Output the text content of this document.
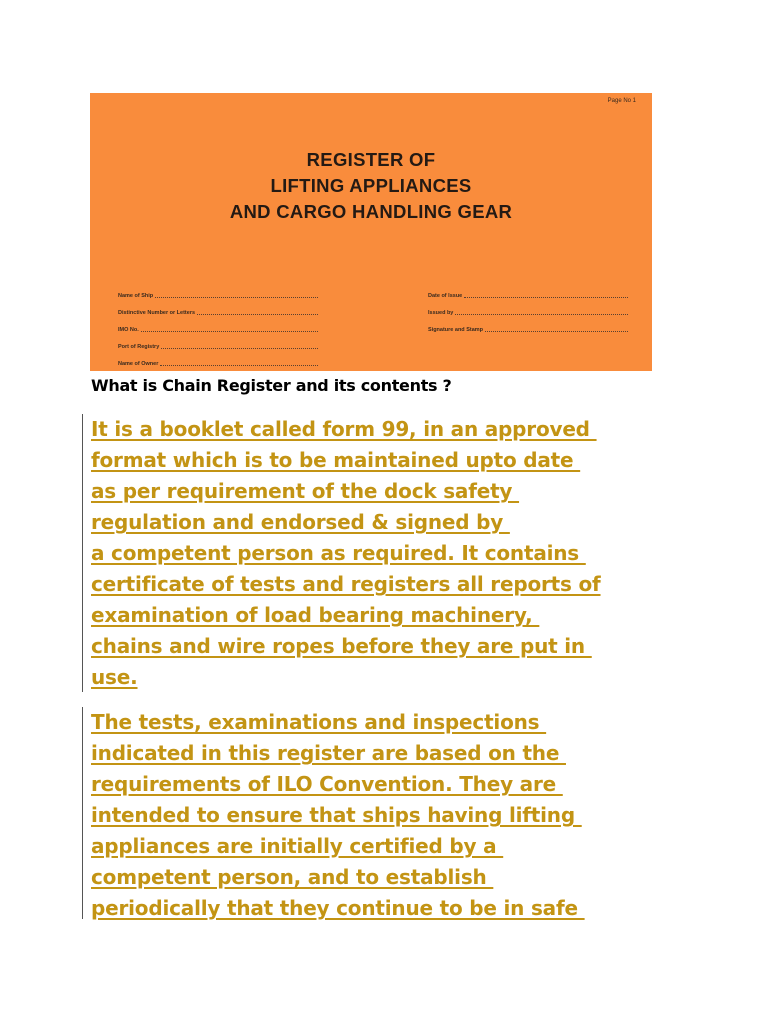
Page No 1
REGISTER OF
LIFTING APPLIANCES
AND CARGO HANDLING GEAR
Name of Ship
Distinctive Number or Letters
IMO No.
Port of Registry
Name of Owner
Date of Issue
Issued by
Signature and Stamp
What is Chain Register and its contents ?
It is a booklet called form 99, in an approved
format which is to be maintained upto date
as per requirement of the dock safety
regulation and endorsed & signed by
a competent person as required. It contains
certificate of tests and registers all reports of
examination of load bearing machinery,
chains and wire ropes before they are put in
use.
The tests, examinations and inspections
indicated in this register are based on the
requirements of ILO Convention. They are
intended to ensure that ships having lifting
appliances are initially certified by a
competent person, and to establish
periodically that they continue to be in safe
